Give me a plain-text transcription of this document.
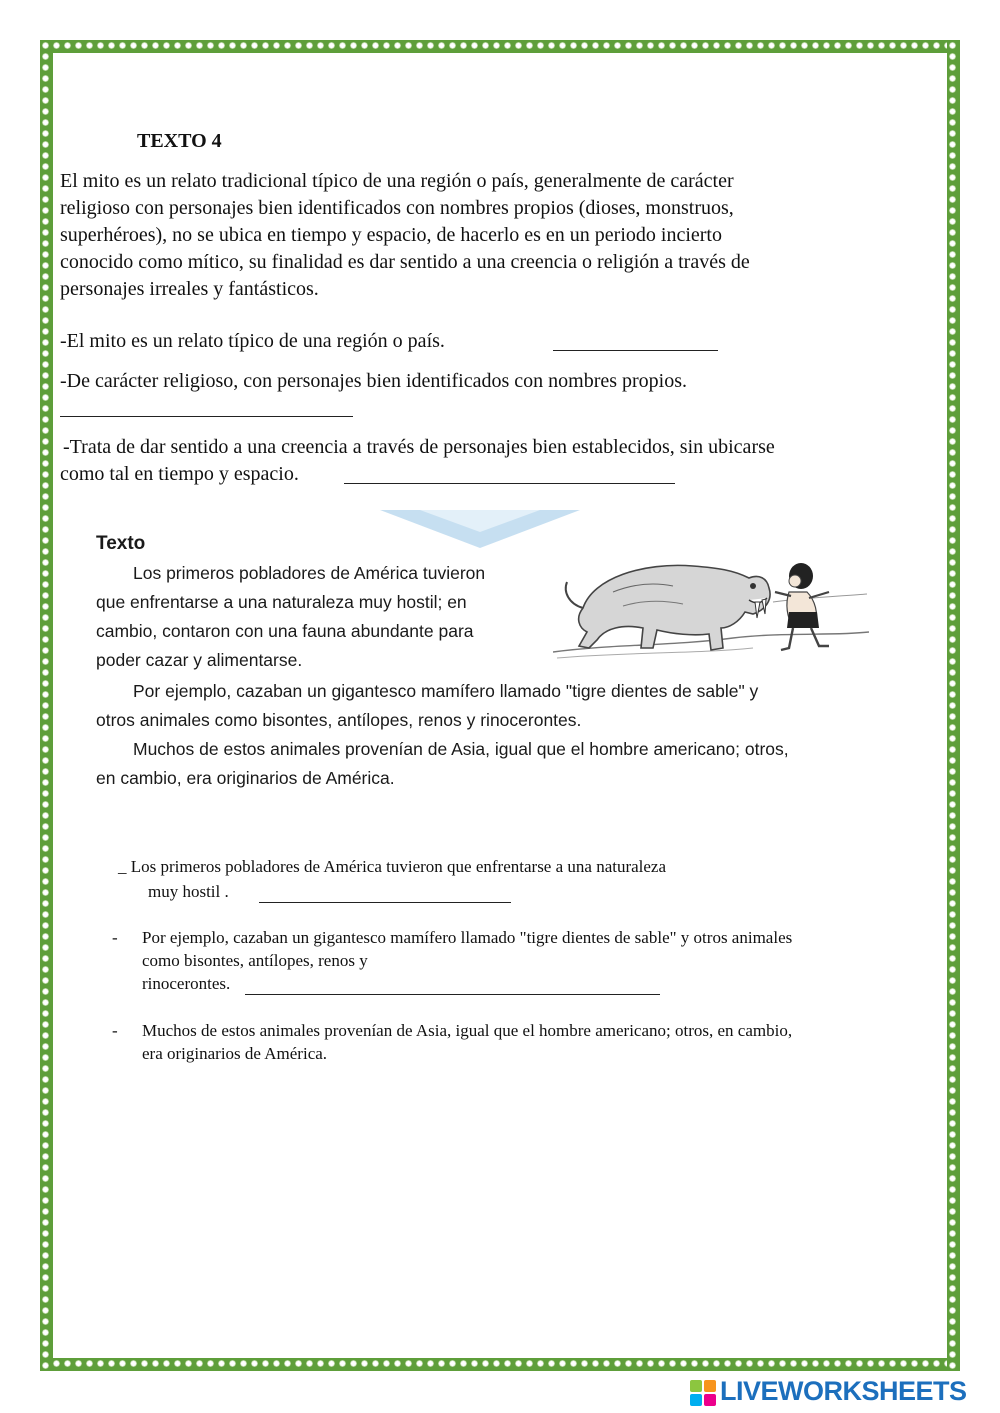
TEXTO 4
El mito es un relato tradicional típico de una región o país, generalmente de carácter
religioso con personajes bien identificados con nombres propios (dioses, monstruos,
superhéroes), no se ubica en tiempo y espacio, de hacerlo es en un periodo incierto
conocido como mítico, su finalidad es dar sentido a una creencia o religión a través de
personajes irreales y fantásticos.
-El mito es un relato típico de una región o país.
-De carácter religioso, con personajes bien identificados con nombres propios.
-Trata de dar sentido a una creencia a través de personajes bien establecidos, sin ubicarse
como tal en tiempo y espacio.
Texto
Los primeros pobladores de América tuvieron
que enfrentarse a una naturaleza muy hostil; en
cambio, contaron con una fauna abundante para
poder cazar y alimentarse.
Por ejemplo, cazaban un gigantesco mamífero llamado "tigre dientes de sable" y
otros animales como bisontes, antílopes, renos y rinocerontes.
Muchos de estos animales provenían de Asia, igual que el hombre americano; otros,
en cambio, era originarios de América.
_ Los primeros pobladores de América tuvieron que enfrentarse a una naturaleza
muy hostil .
- Por ejemplo, cazaban un gigantesco mamífero llamado "tigre dientes de sable" y otros animales
como bisontes, antílopes, renos y
rinocerontes.
- Muchos de estos animales provenían de Asia, igual que el hombre americano; otros, en cambio,
era originarios de América.
LIVEWORKSHEETS
